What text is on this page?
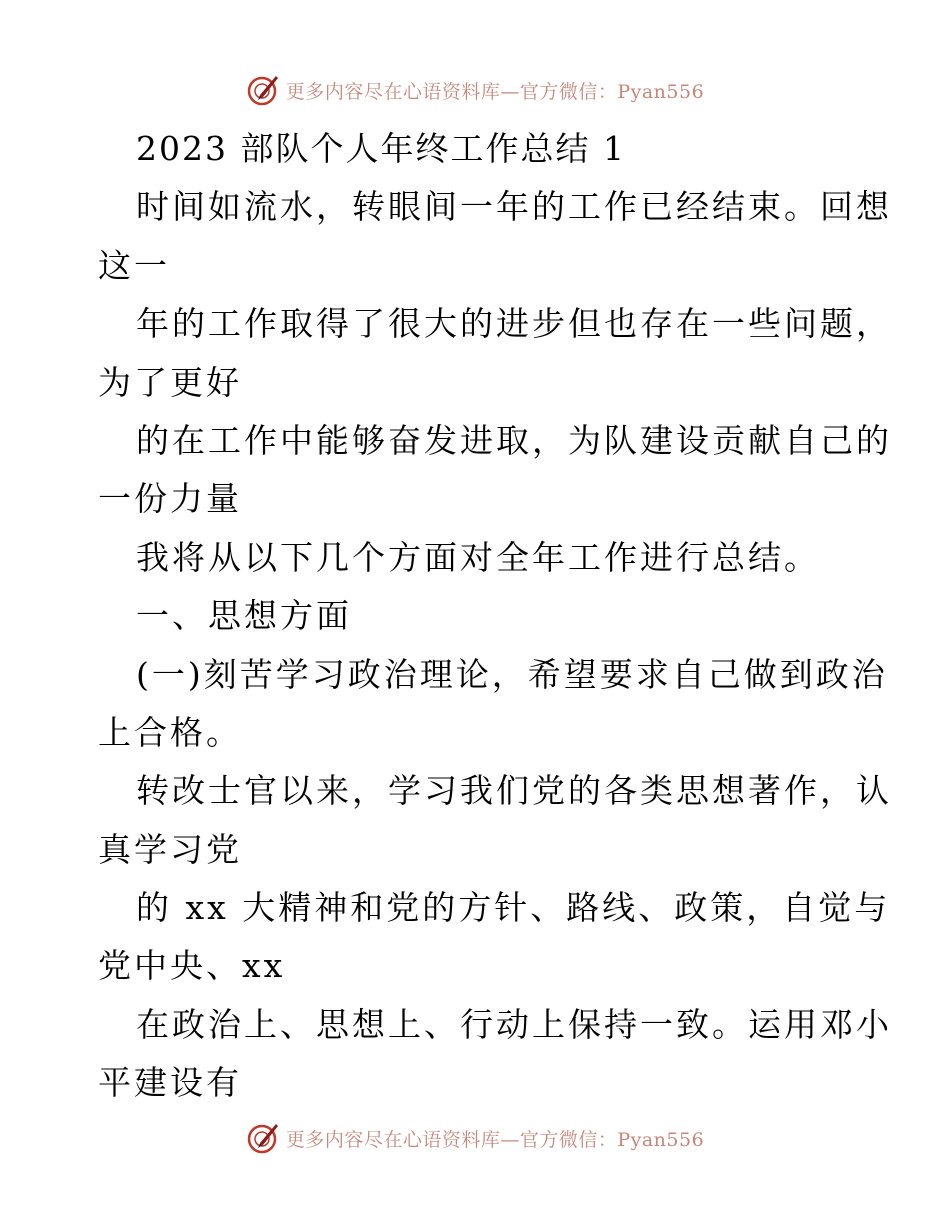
更多内容尽在心语资料库—官方微信：Pyan556
2023 部队个人年终工作总结 1
时间如流水，转眼间一年的工作已经结束。回想
这一
年的工作取得了很大的进步但也存在一些问题，
为了更好
的在工作中能够奋发进取，为队建设贡献自己的
一份力量
我将从以下几个方面对全年工作进行总结。
一、思想方面
(一)刻苦学习政治理论，希望要求自己做到政治
上合格。
转改士官以来，学习我们党的各类思想著作，认
真学习党
的 xx 大精神和党的方针、路线、政策，自觉与
党中央、xx
在政治上、思想上、行动上保持一致。运用邓小
平建设有
更多内容尽在心语资料库—官方微信：Pyan556
